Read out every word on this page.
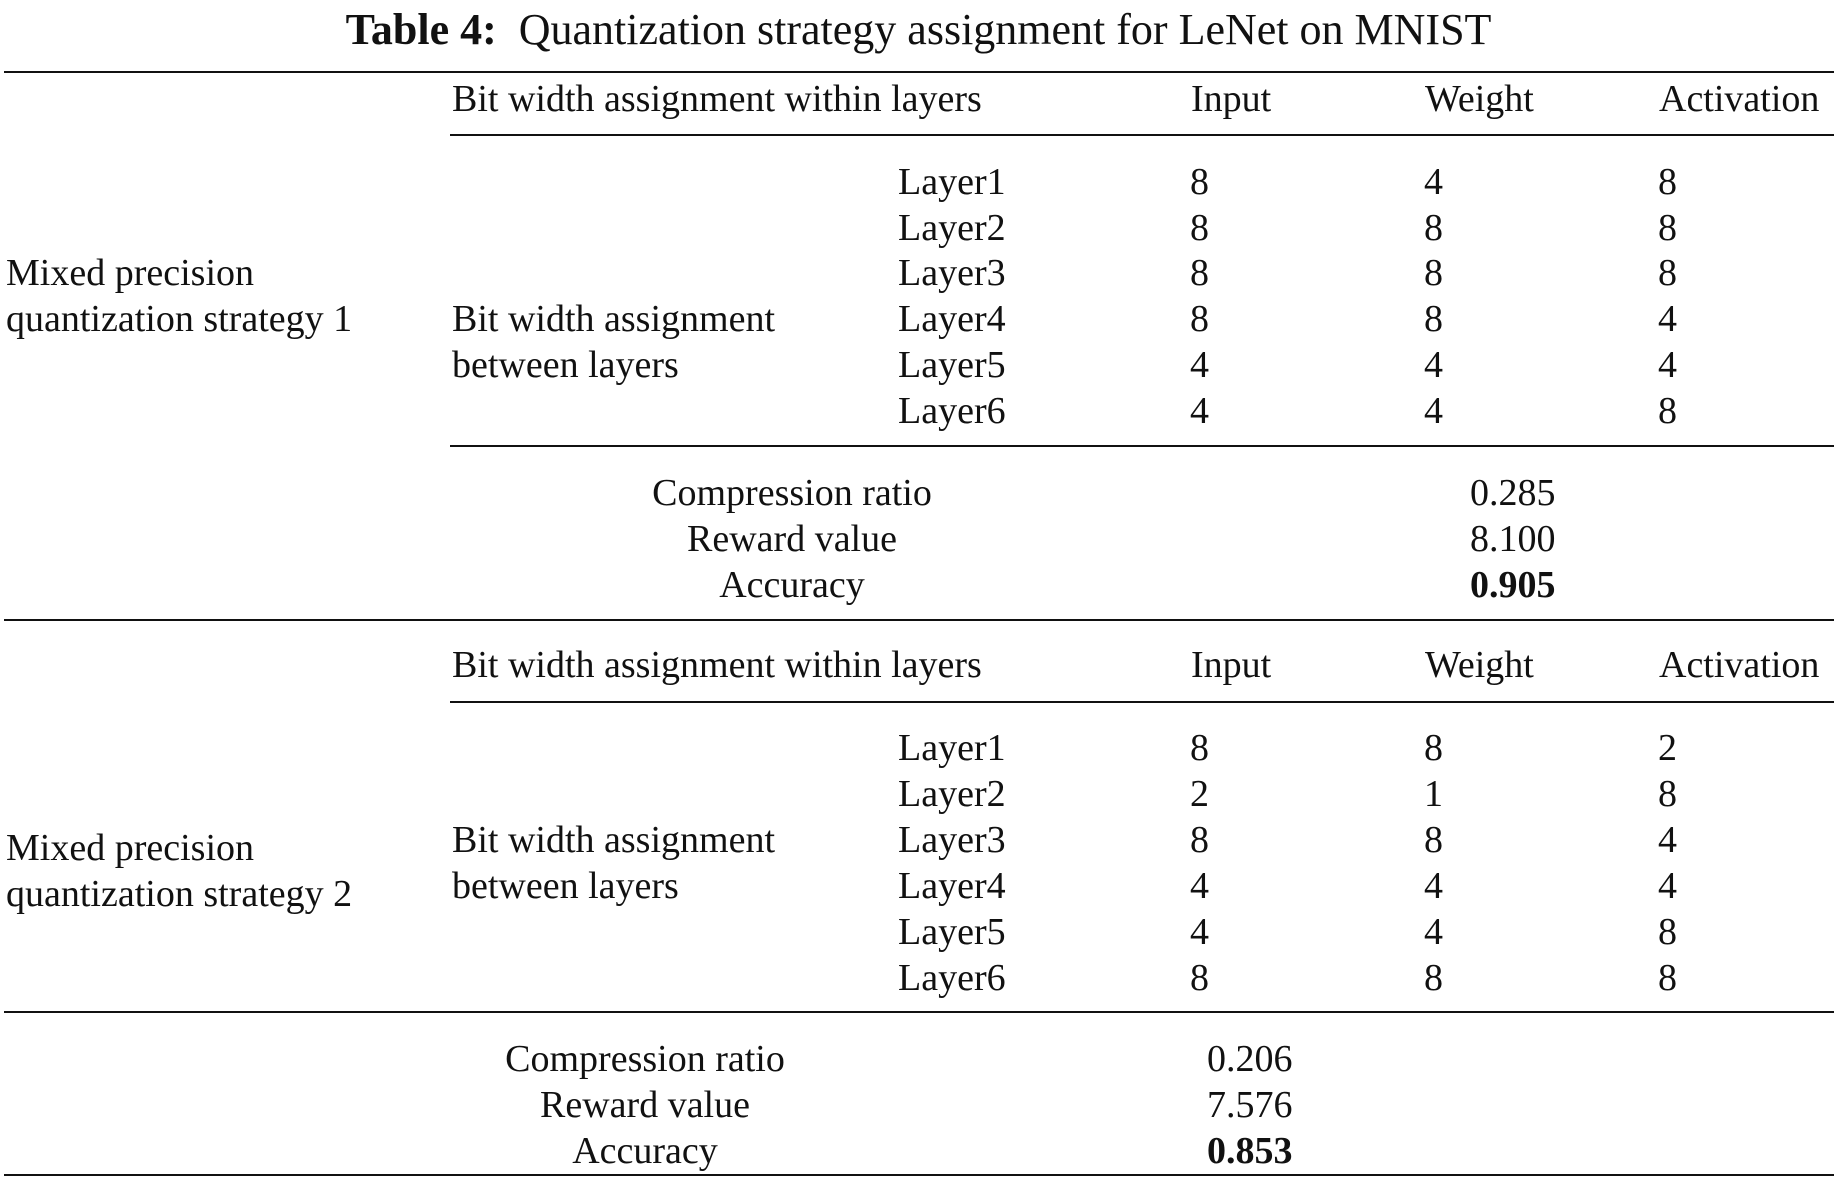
Table 4: Quantization strategy assignment for LeNet on MNIST
Bit width assignment within layers	Input	Weight	Activation
Mixed precision
quantization strategy 1	Bit width assignment
between layers
Layer1	8	4	8
Layer2	8	8	8
Layer3	8	8	8
Layer4	8	8	4
Layer5	4	4	4
Layer6	4	4	8
Compression ratio	0.285
Reward value	8.100
Accuracy	0.905
Bit width assignment within layers	Input	Weight	Activation
Mixed precision
quantization strategy 2
Bit width assignment
between layers
Layer1	8	8	2
Layer2	2	1	8
Layer3	8	8	4
Layer4	4	4	4
Layer5	4	4	8
Layer6	8	8	8
Compression ratio	0.206
Reward value	7.576
Accuracy	0.853
